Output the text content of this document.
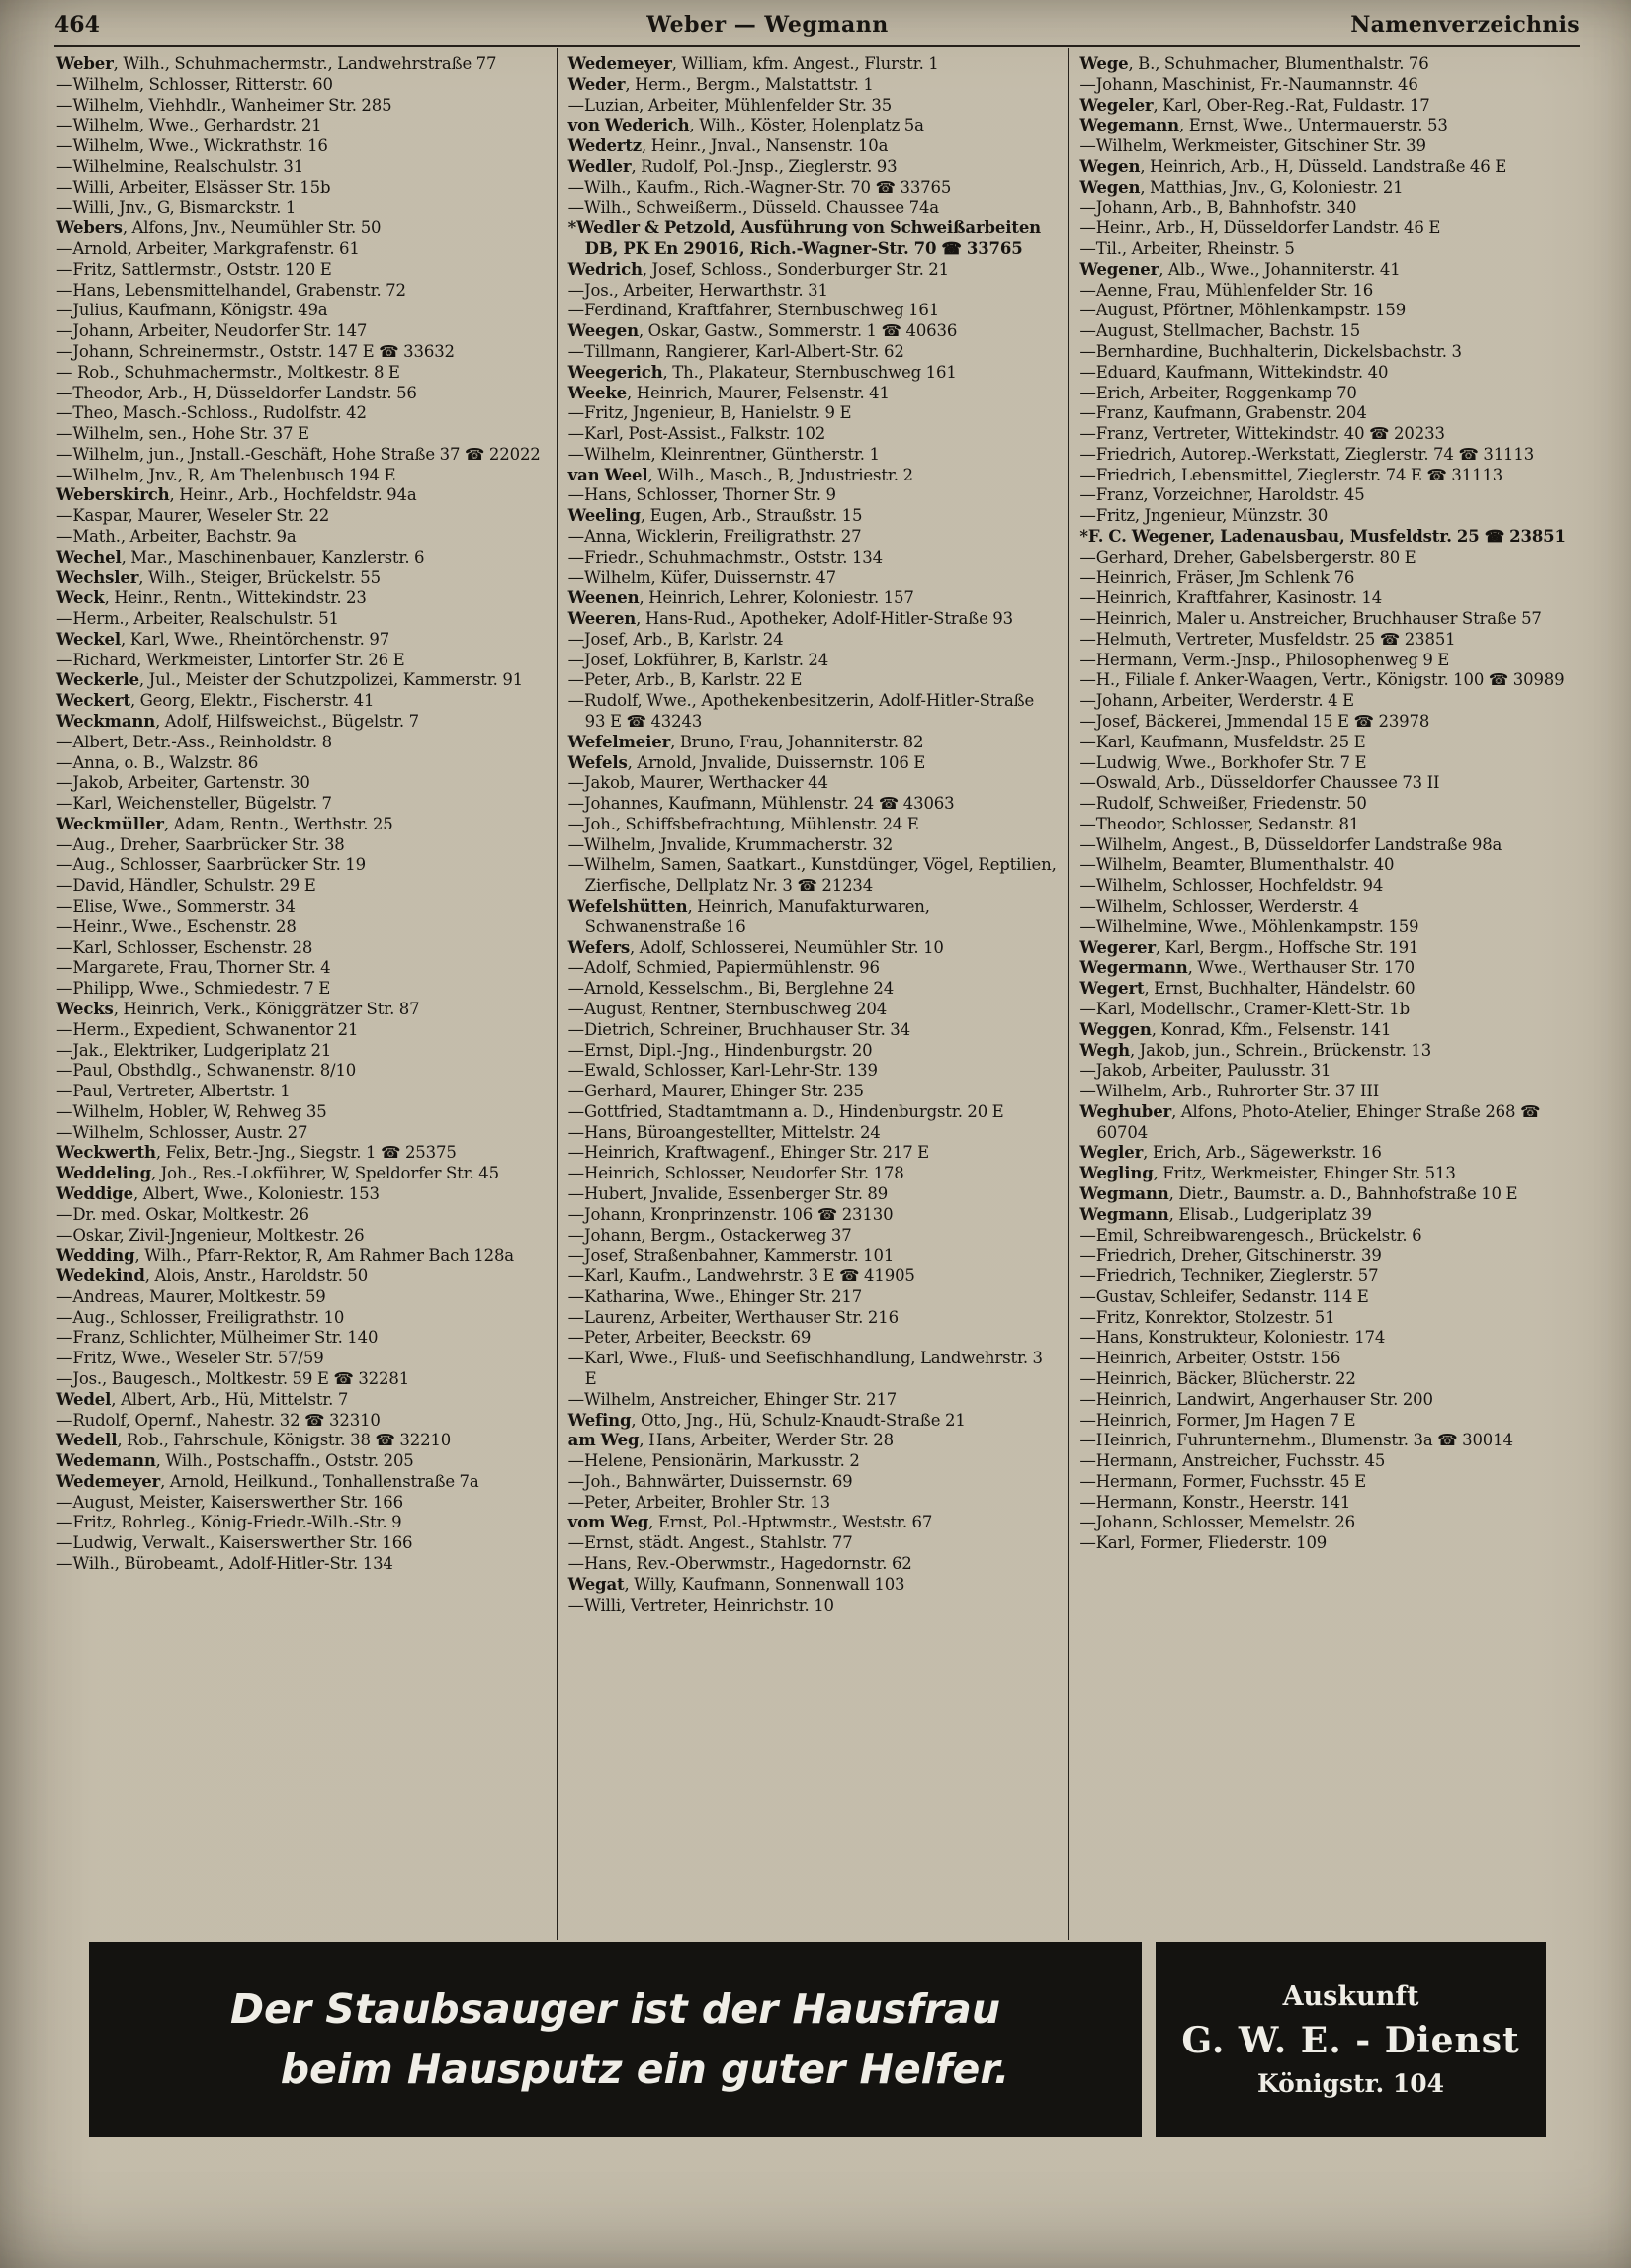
464	Weber — Wegmann	Namenverzeichnis

Weber, Wilh., Schuhmachermstr., Landwehrstraße 77

—Wilhelm, Schlosser, Ritterstr. 60

—Wilhelm, Viehhdlr., Wanheimer Str. 285

—Wilhelm, Wwe., Gerhardstr. 21

—Wilhelm, Wwe., Wickrathstr. 16

—Wilhelmine, Realschulstr. 31

—Willi, Arbeiter, Elsässer Str. 15b

—Willi, Jnv., G, Bismarckstr. 1

Webers, Alfons, Jnv., Neumühler Str. 50

—Arnold, Arbeiter, Markgrafenstr. 61

—Fritz, Sattlermstr., Oststr. 120 E

—Hans, Lebensmittelhandel, Grabenstr. 72

—Julius, Kaufmann, Königstr. 49a

—Johann, Arbeiter, Neudorfer Str. 147

—Johann, Schreinermstr., Oststr. 147 E ☎ 33632

— Rob., Schuhmachermstr., Moltkestr. 8 E

—Theodor, Arb., H, Düsseldorfer Landstr. 56

—Theo, Masch.-Schloss., Rudolfstr. 42

—Wilhelm, sen., Hohe Str. 37 E

—Wilhelm, jun., Jnstall.-Geschäft, Hohe Straße 37 ☎ 22022

—Wilhelm, Jnv., R, Am Thelenbusch 194 E

Weberskirch, Heinr., Arb., Hochfeldstr. 94a

—Kaspar, Maurer, Weseler Str. 22

—Math., Arbeiter, Bachstr. 9a

Wechel, Mar., Maschinenbauer, Kanzlerstr. 6

Wechsler, Wilh., Steiger, Brückelstr. 55

Weck, Heinr., Rentn., Wittekindstr. 23

—Herm., Arbeiter, Realschulstr. 51

Weckel, Karl, Wwe., Rheintörchenstr. 97

—Richard, Werkmeister, Lintorfer Str. 26 E

Weckerle, Jul., Meister der Schutzpolizei, Kammerstr. 91

Weckert, Georg, Elektr., Fischerstr. 41

Weckmann, Adolf, Hilfsweichst., Bügelstr. 7

—Albert, Betr.-Ass., Reinholdstr. 8

—Anna, o. B., Walzstr. 86

—Jakob, Arbeiter, Gartenstr. 30

—Karl, Weichensteller, Bügelstr. 7

Weckmüller, Adam, Rentn., Werthstr. 25

—Aug., Dreher, Saarbrücker Str. 38

—Aug., Schlosser, Saarbrücker Str. 19

—David, Händler, Schulstr. 29 E

—Elise, Wwe., Sommerstr. 34

—Heinr., Wwe., Eschenstr. 28

—Karl, Schlosser, Eschenstr. 28

—Margarete, Frau, Thorner Str. 4

—Philipp, Wwe., Schmiedestr. 7 E

Wecks, Heinrich, Verk., Königgrätzer Str. 87

—Herm., Expedient, Schwanentor 21

—Jak., Elektriker, Ludgeriplatz 21

—Paul, Obsthdlg., Schwanenstr. 8/10

—Paul, Vertreter, Albertstr. 1

—Wilhelm, Hobler, W, Rehweg 35

—Wilhelm, Schlosser, Austr. 27

Weckwerth, Felix, Betr.-Jng., Siegstr. 1 ☎ 25375

Weddeling, Joh., Res.-Lokführer, W, Speldorfer Str. 45

Weddige, Albert, Wwe., Koloniestr. 153

—Dr. med. Oskar, Moltkestr. 26

—Oskar, Zivil-Jngenieur, Moltkestr. 26

Wedding, Wilh., Pfarr-Rektor, R, Am Rahmer Bach 128a

Wedekind, Alois, Anstr., Haroldstr. 50

—Andreas, Maurer, Moltkestr. 59

—Aug., Schlosser, Freiligrathstr. 10

—Franz, Schlichter, Mülheimer Str. 140

—Fritz, Wwe., Weseler Str. 57/59

—Jos., Baugesch., Moltkestr. 59 E ☎ 32281

Wedel, Albert, Arb., Hü, Mittelstr. 7

—Rudolf, Opernf., Nahestr. 32 ☎ 32310

Wedell, Rob., Fahrschule, Königstr. 38 ☎ 32210

Wedemann, Wilh., Postschaffn., Oststr. 205

Wedemeyer, Arnold, Heilkund., Tonhallenstraße 7a

—August, Meister, Kaiserswerther Str. 166

—Fritz, Rohrleg., König-Friedr.-Wilh.-Str. 9

—Ludwig, Verwalt., Kaiserswerther Str. 166

—Wilh., Bürobeamt., Adolf-Hitler-Str. 134

Wedemeyer, William, kfm. Angest., Flurstr. 1

Weder, Herm., Bergm., Malstattstr. 1

—Luzian, Arbeiter, Mühlenfelder Str. 35

von Wederich, Wilh., Köster, Holenplatz 5a

Wedertz, Heinr., Jnval., Nansenstr. 10a

Wedler, Rudolf, Pol.-Jnsp., Zieglerstr. 93

—Wilh., Kaufm., Rich.-Wagner-Str. 70 ☎ 33765

—Wilh., Schweißerm., Düsseld. Chaussee 74a

*Wedler & Petzold, Ausführung von Schweißarbeiten DB, PK En 29016, Rich.-Wagner-Str. 70 ☎ 33765

Wedrich, Josef, Schloss., Sonderburger Str. 21

—Jos., Arbeiter, Herwarthstr. 31

—Ferdinand, Kraftfahrer, Sternbuschweg 161

Weegen, Oskar, Gastw., Sommerstr. 1 ☎ 40636

—Tillmann, Rangierer, Karl-Albert-Str. 62

Weegerich, Th., Plakateur, Sternbuschweg 161

Weeke, Heinrich, Maurer, Felsenstr. 41

—Fritz, Jngenieur, B, Hanielstr. 9 E

—Karl, Post-Assist., Falkstr. 102

—Wilhelm, Kleinrentner, Güntherstr. 1

van Weel, Wilh., Masch., B, Jndustriestr. 2

—Hans, Schlosser, Thorner Str. 9

Weeling, Eugen, Arb., Straußstr. 15

—Anna, Wicklerin, Freiligrathstr. 27

—Friedr., Schuhmachmstr., Oststr. 134

—Wilhelm, Küfer, Duissernstr. 47

Weenen, Heinrich, Lehrer, Koloniestr. 157

Weeren, Hans-Rud., Apotheker, Adolf-Hitler-Straße 93

—Josef, Arb., B, Karlstr. 24

—Josef, Lokführer, B, Karlstr. 24

—Peter, Arb., B, Karlstr. 22 E

—Rudolf, Wwe., Apothekenbesitzerin, Adolf-Hitler-Straße 93 E ☎ 43243

Wefelmeier, Bruno, Frau, Johanniterstr. 82

Wefels, Arnold, Jnvalide, Duissernstr. 106 E

—Jakob, Maurer, Werthacker 44

—Johannes, Kaufmann, Mühlenstr. 24 ☎ 43063

—Joh., Schiffsbefrachtung, Mühlenstr. 24 E

—Wilhelm, Jnvalide, Krummacherstr. 32

—Wilhelm, Samen, Saatkart., Kunstdünger, Vögel, Reptilien, Zierfische, Dellplatz Nr. 3 ☎ 21234

Wefelshütten, Heinrich, Manufakturwaren, Schwanenstraße 16

Wefers, Adolf, Schlosserei, Neumühler Str. 10

—Adolf, Schmied, Papiermühlenstr. 96

—Arnold, Kesselschm., Bi, Berglehne 24

—August, Rentner, Sternbuschweg 204

—Dietrich, Schreiner, Bruchhauser Str. 34

—Ernst, Dipl.-Jng., Hindenburgstr. 20

—Ewald, Schlosser, Karl-Lehr-Str. 139

—Gerhard, Maurer, Ehinger Str. 235

—Gottfried, Stadtamtmann a. D., Hindenburgstr. 20 E

—Hans, Büroangestellter, Mittelstr. 24

—Heinrich, Kraftwagenf., Ehinger Str. 217 E

—Heinrich, Schlosser, Neudorfer Str. 178

—Hubert, Jnvalide, Essenberger Str. 89

—Johann, Kronprinzenstr. 106 ☎ 23130

—Johann, Bergm., Ostackerweg 37

—Josef, Straßenbahner, Kammerstr. 101

—Karl, Kaufm., Landwehrstr. 3 E ☎ 41905

—Katharina, Wwe., Ehinger Str. 217

—Laurenz, Arbeiter, Werthauser Str. 216

—Peter, Arbeiter, Beeckstr. 69

—Karl, Wwe., Fluß- und Seefischhandlung, Landwehrstr. 3 E

—Wilhelm, Anstreicher, Ehinger Str. 217

Wefing, Otto, Jng., Hü, Schulz-Knaudt-Straße 21

am Weg, Hans, Arbeiter, Werder Str. 28

—Helene, Pensionärin, Markusstr. 2

—Joh., Bahnwärter, Duissernstr. 69

—Peter, Arbeiter, Brohler Str. 13

vom Weg, Ernst, Pol.-Hptwmstr., Weststr. 67

—Ernst, städt. Angest., Stahlstr. 77

—Hans, Rev.-Oberwmstr., Hagedornstr. 62

Wegat, Willy, Kaufmann, Sonnenwall 103

—Willi, Vertreter, Heinrichstr. 10

Wege, B., Schuhmacher, Blumenthalstr. 76

—Johann, Maschinist, Fr.-Naumannstr. 46

Wegeler, Karl, Ober-Reg.-Rat, Fuldastr. 17

Wegemann, Ernst, Wwe., Untermauerstr. 53

—Wilhelm, Werkmeister, Gitschiner Str. 39

Wegen, Heinrich, Arb., H, Düsseld. Landstraße 46 E

Wegen, Matthias, Jnv., G, Koloniestr. 21

—Johann, Arb., B, Bahnhofstr. 340

—Heinr., Arb., H, Düsseldorfer Landstr. 46 E

—Til., Arbeiter, Rheinstr. 5

Wegener, Alb., Wwe., Johanniterstr. 41

—Aenne, Frau, Mühlenfelder Str. 16

—August, Pförtner, Möhlenkampstr. 159

—August, Stellmacher, Bachstr. 15

—Bernhardine, Buchhalterin, Dickelsbachstr. 3

—Eduard, Kaufmann, Wittekindstr. 40

—Erich, Arbeiter, Roggenkamp 70

—Franz, Kaufmann, Grabenstr. 204

—Franz, Vertreter, Wittekindstr. 40 ☎ 20233

—Friedrich, Autorep.-Werkstatt, Zieglerstr. 74 ☎ 31113

—Friedrich, Lebensmittel, Zieglerstr. 74 E ☎ 31113

—Franz, Vorzeichner, Haroldstr. 45

—Fritz, Jngenieur, Münzstr. 30

*F. C. Wegener, Ladenausbau, Musfeldstr. 25 ☎ 23851

—Gerhard, Dreher, Gabelsbergerstr. 80 E

—Heinrich, Fräser, Jm Schlenk 76

—Heinrich, Kraftfahrer, Kasinostr. 14

—Heinrich, Maler u. Anstreicher, Bruchhauser Straße 57

—Helmuth, Vertreter, Musfeldstr. 25 ☎ 23851

—Hermann, Verm.-Jnsp., Philosophenweg 9 E

—H., Filiale f. Anker-Waagen, Vertr., Königstr. 100 ☎ 30989

—Johann, Arbeiter, Werderstr. 4 E

—Josef, Bäckerei, Jmmendal 15 E ☎ 23978

—Karl, Kaufmann, Musfeldstr. 25 E

—Ludwig, Wwe., Borkhofer Str. 7 E

—Oswald, Arb., Düsseldorfer Chaussee 73 II

—Rudolf, Schweißer, Friedenstr. 50

—Theodor, Schlosser, Sedanstr. 81

—Wilhelm, Angest., B, Düsseldorfer Landstraße 98a

—Wilhelm, Beamter, Blumenthalstr. 40

—Wilhelm, Schlosser, Hochfeldstr. 94

—Wilhelm, Schlosser, Werderstr. 4

—Wilhelmine, Wwe., Möhlenkampstr. 159

Wegerer, Karl, Bergm., Hoffsche Str. 191

Wegermann, Wwe., Werthauser Str. 170

Wegert, Ernst, Buchhalter, Händelstr. 60

—Karl, Modellschr., Cramer-Klett-Str. 1b

Weggen, Konrad, Kfm., Felsenstr. 141

Wegh, Jakob, jun., Schrein., Brückenstr. 13

—Jakob, Arbeiter, Paulusstr. 31

—Wilhelm, Arb., Ruhrorter Str. 37 III

Weghuber, Alfons, Photo-Atelier, Ehinger Straße 268 ☎ 60704

Wegler, Erich, Arb., Sägewerkstr. 16

Wegling, Fritz, Werkmeister, Ehinger Str. 513

Wegmann, Dietr., Baumstr. a. D., Bahnhofstraße 10 E

Wegmann, Elisab., Ludgeriplatz 39

—Emil, Schreibwarengesch., Brückelstr. 6

—Friedrich, Dreher, Gitschinerstr. 39

—Friedrich, Techniker, Zieglerstr. 57

—Gustav, Schleifer, Sedanstr. 114 E

—Fritz, Konrektor, Stolzestr. 51

—Hans, Konstrukteur, Koloniestr. 174

—Heinrich, Arbeiter, Oststr. 156

—Heinrich, Bäcker, Blücherstr. 22

—Heinrich, Landwirt, Angerhauser Str. 200

—Heinrich, Former, Jm Hagen 7 E

—Heinrich, Fuhrunternehm., Blumenstr. 3a ☎ 30014

—Hermann, Anstreicher, Fuchsstr. 45

—Hermann, Former, Fuchsstr. 45 E

—Hermann, Konstr., Heerstr. 141

—Johann, Schlosser, Memelstr. 26

—Karl, Former, Fliederstr. 109

Der Staubsauger ist der Hausfrau
beim Hausputz ein guter Helfer.
Auskunft
G. W. E. - Dienst
Königstr. 104
